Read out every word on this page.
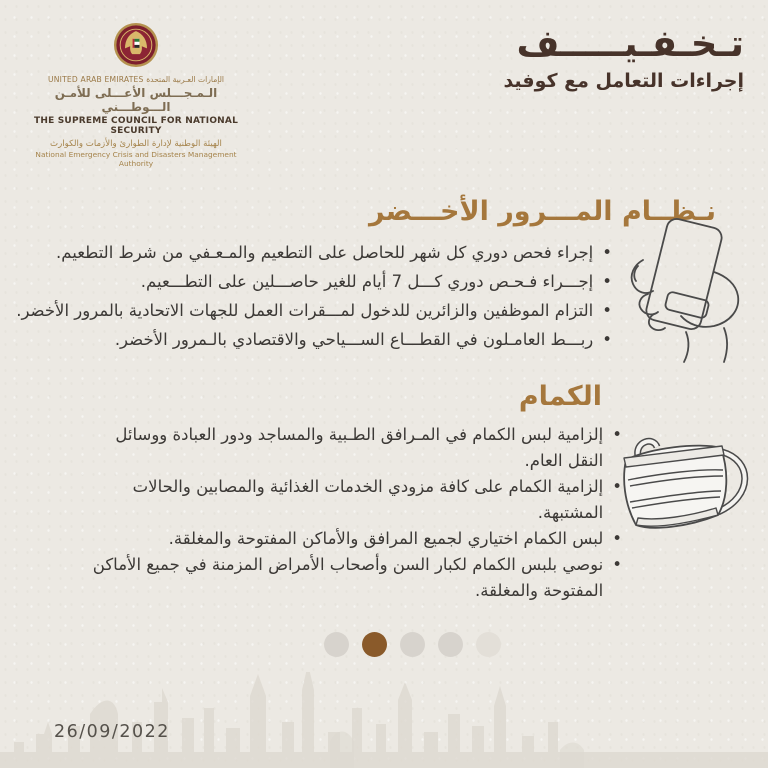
UNITED ARAB EMIRATES الإمارات العـربية المتحدة
الـمـجـــلس الأعـــلى للأمـن الـــوطـــني
THE SUPREME COUNCIL FOR NATIONAL SECURITY
الهيئة الوطنية لإدارة الطوارئ والأزمات والكوارث
National Emergency Crisis and Disasters Management Authority
تـخـفـيـــــف
إجراءات التعامل مع كوفيد
نـظــام المـــرور الأخـــضر
•
إجراء فحص دوري كل شهر للحاصل على التطعيم والمـعـفي من شرط التطعيم.
•
إجـــراء فـحـص دوري كـــل 7 أيام للغير حاصـــلين على التطـــعيم.
•
التزام الموظفين والزائرين للدخول لمـــقرات العمل للجهات الاتحادية بالمرور الأخضر.
•
ربـــط العامـلون في القطـــاع الســـياحي والاقتصادي بالـمرور الأخضر.
الكمام
•
إلزامية لبس الكمام في المـرافق الطـبية والمساجد ودور العبادة ووسائل النقل العام.
•
إلزامية الكمام على كافة مزودي الخدمات الغذائية والمصابين والحالات المشتبهة.
•
لبس الكمام اختياري لجميع المرافق والأماكن المفتوحة والمغلقة.
•
نوصي بلبس الكمام لكبار السن وأصحاب الأمراض المزمنة في جميع الأماكن المفتوحة والمغلقة.
26/09/2022
